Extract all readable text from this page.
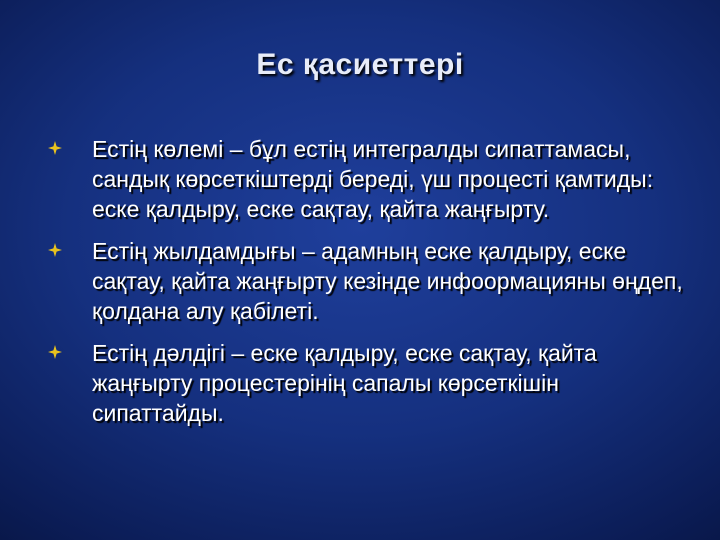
Ес қасиеттері
Естің көлемі – бұл естің интегралды сипаттамасы, сандық көрсеткіштерді береді, үш процесті қамтиды: еске қалдыру, еске сақтау, қайта жаңғырту.
Естің жылдамдығы – адамның еске қалдыру, еске сақтау, қайта жаңғырту кезінде инфоормацияны өңдеп, қолдана алу қабілеті.
Естің дәлдігі – еске қалдыру, еске сақтау, қайта жаңғырту процестерінің сапалы көрсеткішін сипаттайды.
